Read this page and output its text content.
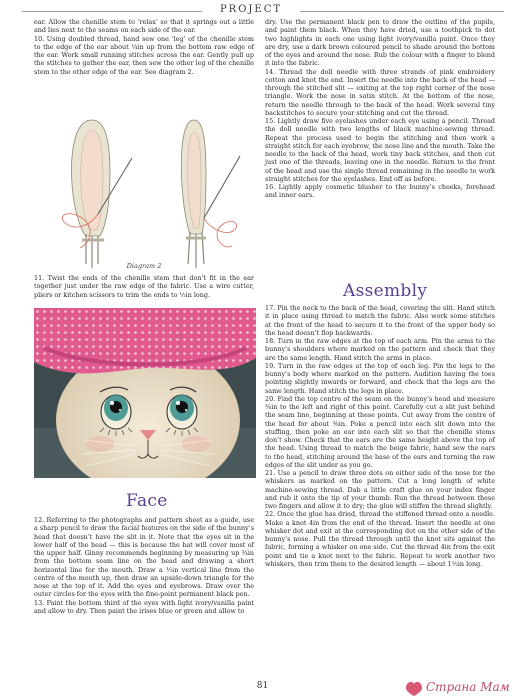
PROJECT

ear. Allow the chenille stem to ‘relax’ so that it springs out a little and lies next to the seams on each side of the ear.

10. Using doubled thread, hand sew one ‘leg’ of the chenille stem to the edge of the ear about ¼in up from the bottom raw edge of the ear. Work small running stitches across the ear. Gently pull up the stitches to gather the ear, then sew the other leg of the chenille stem to the other edge of the ear. See diagram 2.

Diagram 2

11. Twist the ends of the chenille stem that don’t fit in the ear together just under the raw edge of the fabric. Use a wire cutter, pliers or kitchen scissors to trim the ends to ½in long.

Face

12. Referring to the photographs and pattern sheet as a guide, use a sharp pencil to draw the facial features on the side of the bunny’s head that doesn’t have the slit in it. Note that the eyes sit in the lower half of the head — this is because the hat will cover most of the upper half. Ginny recommends beginning by measuring up ¾in from the bottom seam line on the head and drawing a short horizontal line for the mouth. Draw a ½in vertical line from the centre of the mouth up, then draw an upside-down triangle for the nose at the top of it. Add the eyes and eyebrows. Draw over the outer circles for the eyes with the fine-point permanent black pen.

13. Paint the bottom third of the eyes with light ivory/vanilla paint and allow to dry. Then paint the irises blue or green and allow to

dry. Use the permanent black pen to draw the outline of the pupils, and paint them black. When they have dried, use a toothpick to dot two highlights in each one using light ivory/vanilla paint. Once they are dry, use a dark brown coloured pencil to shade around the bottom of the eyes and around the nose. Rub the colour with a finger to blend it into the fabric.

14. Thread the doll needle with three strands of pink embroidery cotton and knot the end. Insert the needle into the back of the head — through the stitched slit — exiting at the top right corner of the nose triangle. Work the nose in satin stitch. At the bottom of the nose, return the needle through to the back of the head. Work several tiny backstitches to secure your stitching and cut the thread.

15. Lightly draw five eyelashes under each eye using a pencil. Thread the doll needle with two lengths of black machine-sewing thread. Repeat the process used to begin the stitching and then work a straight stitch for each eyebrow, the nose line and the mouth. Take the needle to the back of the head, work tiny back stitches, and then cut just one of the threads, leaving one in the needle. Return to the front of the head and use the single thread remaining in the needle to work straight stitches for the eyelashes. End off as before.

16. Lightly apply cosmetic blusher to the bunny’s cheeks, forehead and inner ears.

Assembly

17. Pin the neck to the back of the head, covering the slit. Hand stitch it in place using thread to match the fabric. Also work some stitches at the front of the head to secure it to the front of the upper body so the head doesn’t flop backwards.

18. Turn in the raw edges at the top of each arm. Pin the arms to the bunny’s shoulders where marked on the pattern and check that they are the same length. Hand stitch the arms in place.

19. Turn in the raw edges at the top of each leg. Pin the legs to the bunny’s body where marked on the pattern. Audition having the toes pointing slightly inwards or forward, and check that the legs are the same length. Hand stitch the legs in place.

20. Find the top centre of the seam on the bunny’s head and measure ⅜in to the left and right of this point. Carefully cut a slit just behind the seam line, beginning at these points. Cut away from the centre of the head for about ⅜in. Poke a pencil into each slit down into the stuffing, then poke an ear into each slit so that the chenille stems don’t show. Check that the ears are the same height above the top of the head. Using thread to match the beige fabric, hand sew the ears to the head, stitching around the base of the ears and turning the raw edges of the slit under as you go.

21. Use a pencil to draw three dots on either side of the nose for the whiskers as marked on the pattern. Cut a long length of white machine-sewing thread. Dab a little craft glue on your index finger and rub it onto the tip of your thumb. Run the thread between these two fingers and allow it to dry; the glue will stiffen the thread slightly.

22. Once the glue has dried, thread the stiffened thread onto a needle. Make a knot 4in from the end of the thread. Insert the needle at one whisker dot and exit at the corresponding dot on the other side of the bunny’s nose. Pull the thread through until the knot sits against the fabric, forming a whisker on one side. Cut the thread 4in from the exit point and tie a knot next to the fabric. Repeat to work another two whiskers, then trim them to the desired length — about 1½in long.

81	Страна Мам
